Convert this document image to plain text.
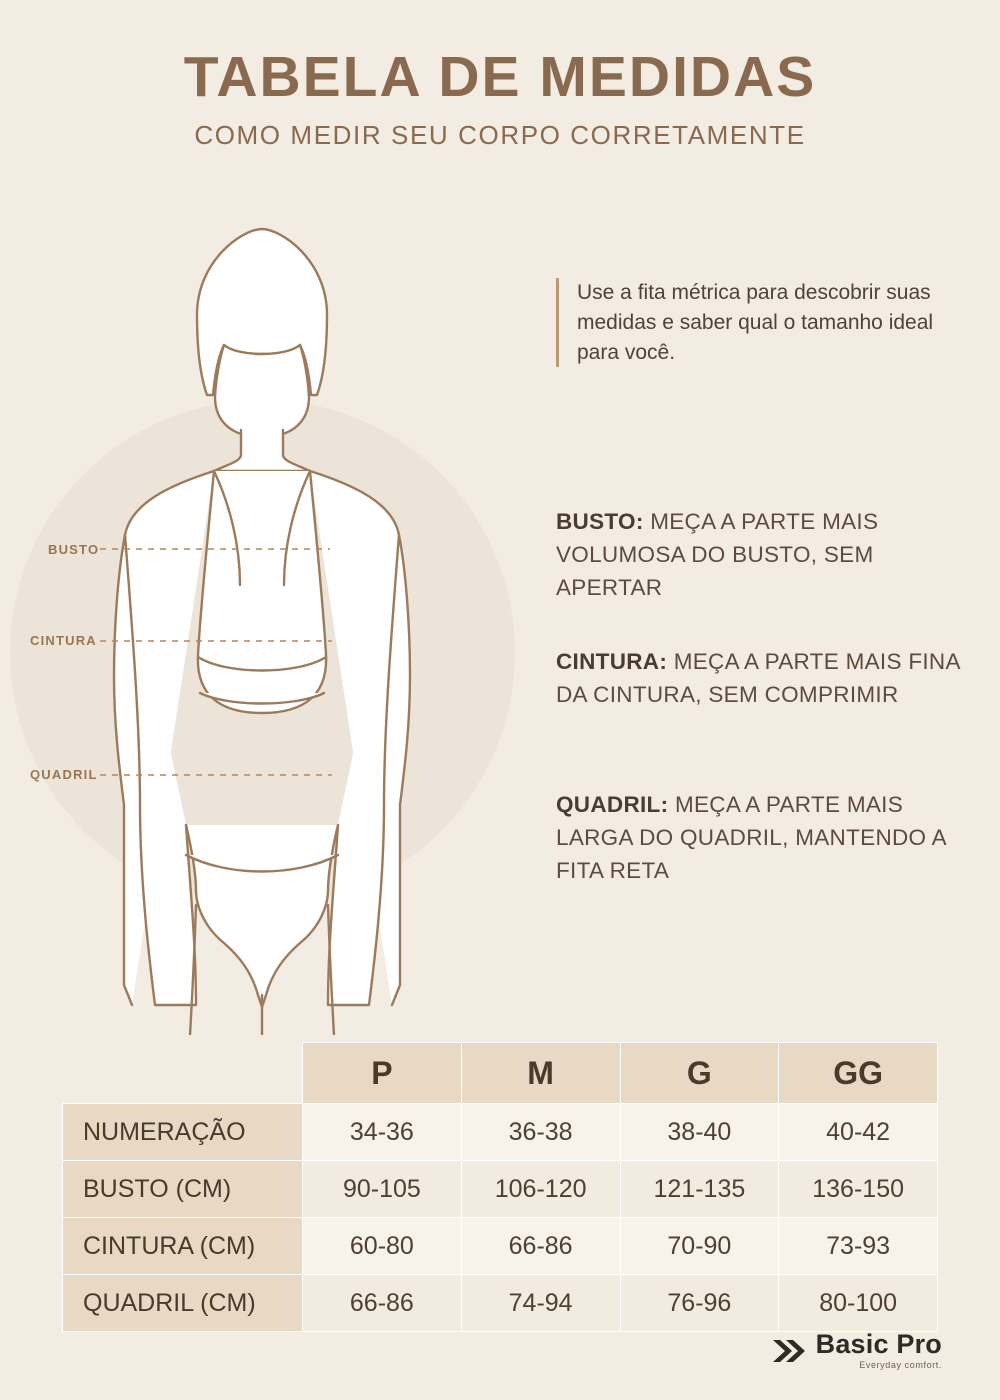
TABELA DE MEDIDAS
COMO MEDIR SEU CORPO CORRETAMENTE
BUSTO
CINTURA
QUADRIL
Use a fita métrica para descobrir suas medidas e saber qual o tamanho ideal para você.
BUSTO: MEÇA A PARTE MAIS VOLUMOSA DO BUSTO, SEM APERTAR
CINTURA: MEÇA A PARTE MAIS FINA DA CINTURA, SEM COMPRIMIR
QUADRIL: MEÇA A PARTE MAIS LARGA DO QUADRIL, MANTENDO A FITA RETA
	P	M	G	GG
NUMERAÇÃO	34-36	36-38	38-40	40-42
BUSTO (CM)	90-105	106-120	121-135	136-150
CINTURA (CM)	60-80	66-86	70-90	73-93
QUADRIL (CM)	66-86	74-94	76-96	80-100
Basic Pro
Everyday comfort.
